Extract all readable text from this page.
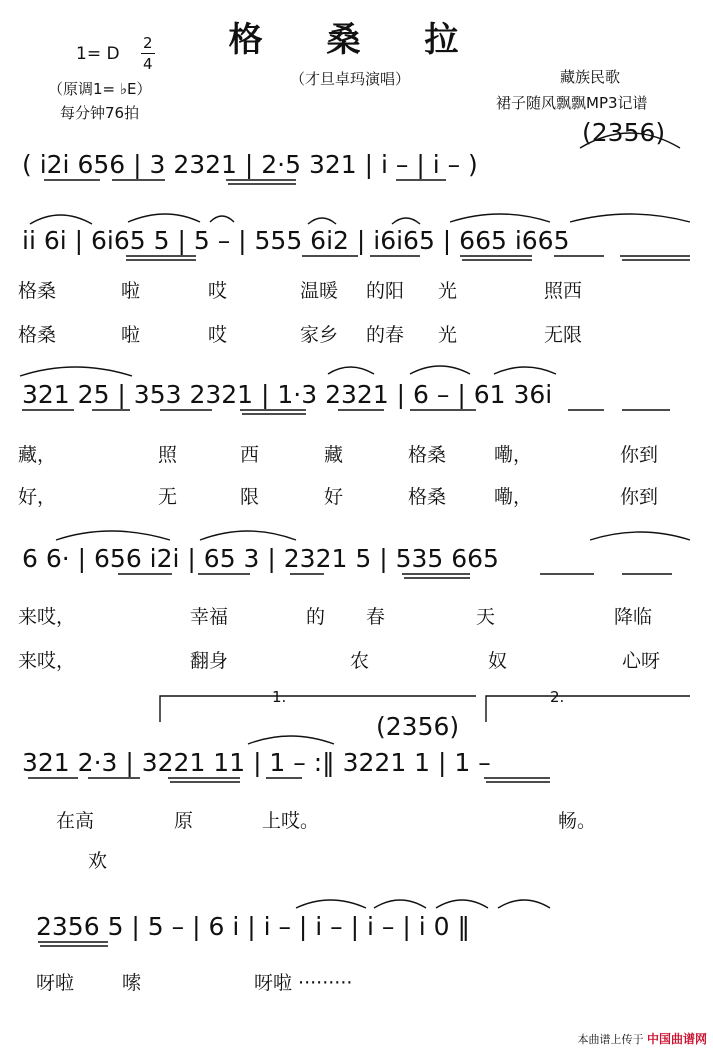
格 桑 拉
1= D
2
4
（原调1= ♭E）
每分钟76拍
（才旦卓玛演唱）	藏族民歌
裙子随风飘飘MP3记谱
(2356)
( i2i 656 | 3 2321 | 2·5 321 | i – | i – )
ii 6i | 6i65 5 | 5 – | 555 6i2 | i6i65 | 665 i665
格桑	啦	哎	温暖 的阳 光	照西
格桑	啦	哎	家乡 的春 光	无限
321 25 | 353 2321 | 1·3 2321 | 6 – | 61 36i
藏，	照	西	藏	格桑	嘞，	你到
好，	无	限	好	格桑	嘞，	你到
6 6· | 656 i2i | 65 3 | 2321 5 | 535 665
来哎，	幸福	的 春	天	降临
来哎，	翻身	农	奴	心呀
1.	2.
(2356)
321 2·3 | 3221 11 | 1 – :‖ 3221 1 | 1 –
在高	原	上哎。	畅。
欢
2356 5 | 5 – | 6 i | i – | i – | i – | i 0 ‖
呀啦	嗦	呀啦 ·········
本曲谱上传于 中国曲谱网
